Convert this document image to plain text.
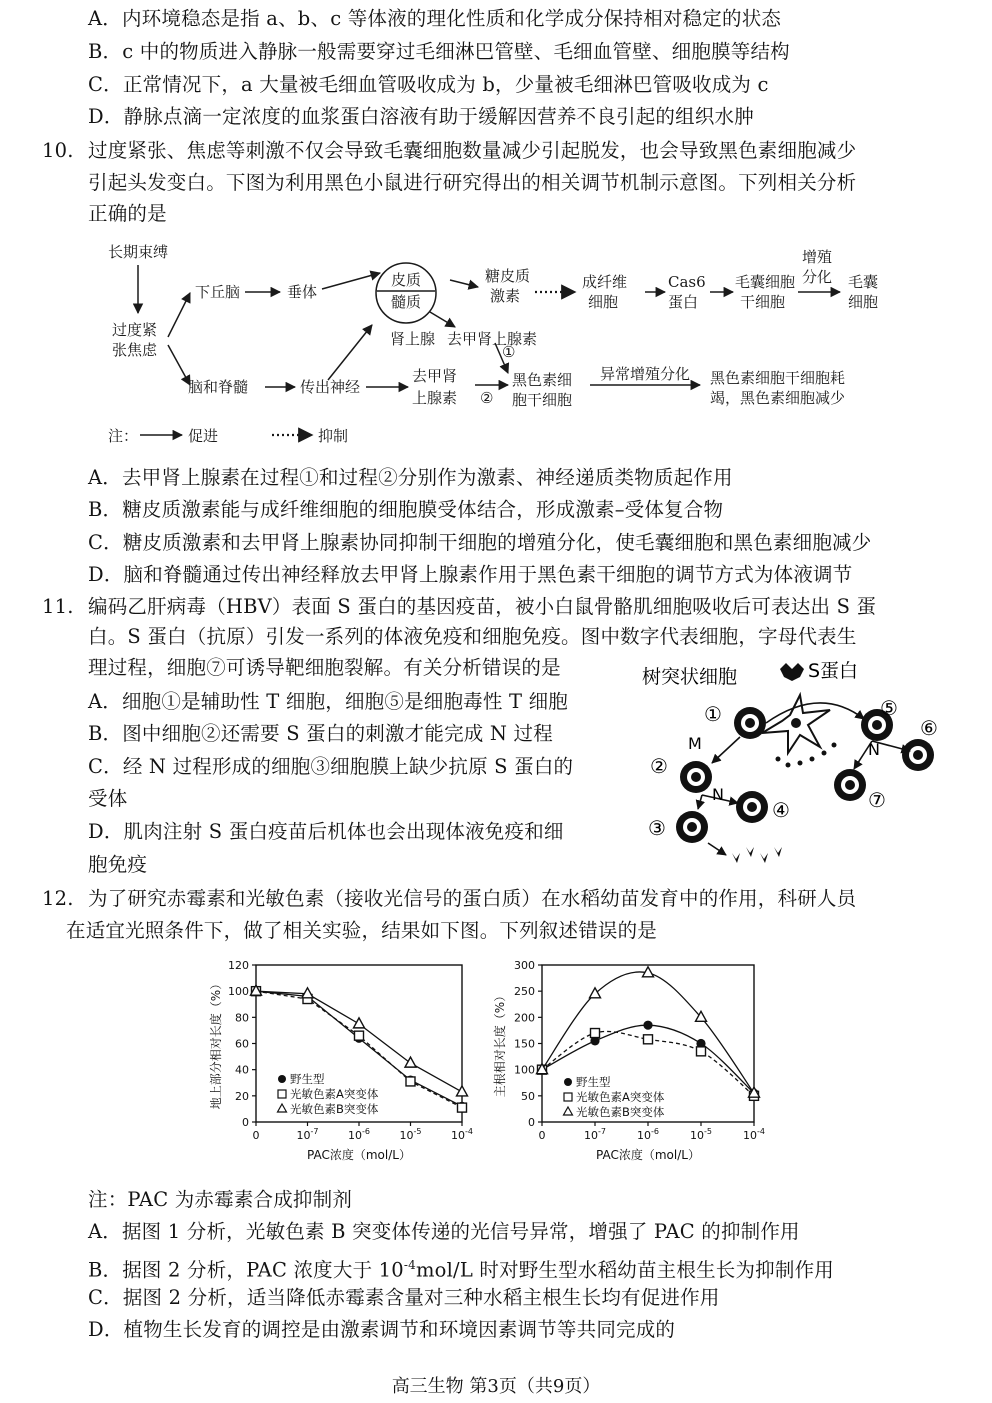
A．内环境稳态是指 a、b、c 等体液的理化性质和化学成分保持相对稳定的状态
B．c 中的物质进入静脉一般需要穿过毛细淋巴管壁、毛细血管壁、细胞膜等结构
C．正常情况下，a 大量被毛细血管吸收成为 b，少量被毛细淋巴管吸收成为 c
D．静脉点滴一定浓度的血浆蛋白溶液有助于缓解因营养不良引起的组织水肿
10. 过度紧张、焦虑等刺激不仅会导致毛囊细胞数量减少引起脱发，也会导致黑色素细胞减少
引起头发变白。下图为利用黑色小鼠进行研究得出的相关调节机制示意图。下列相关分析
正确的是
长期束缚
过度紧
张焦虑
下丘脑	垂体
皮质
髓质
肾上腺 去甲肾上腺素
①
糖皮质
激素
成纤维
细胞
Cas6
蛋白
毛囊细胞
干细胞
增殖
分化 毛囊
细胞
脑和脊髓	传出神经
去甲肾
上腺素 ②
黑色素细
胞干细胞
异常增殖分化 黑色素细胞干细胞耗
竭，黑色素细胞减少
注：	促进	抑制
A．去甲肾上腺素在过程①和过程②分别作为激素、神经递质类物质起作用
B．糖皮质激素能与成纤维细胞的细胞膜受体结合，形成激素–受体复合物
C．糖皮质激素和去甲肾上腺素协同抑制干细胞的增殖分化，使毛囊细胞和黑色素细胞减少
D．脑和脊髓通过传出神经释放去甲肾上腺素作用于黑色素干细胞的调节方式为体液调节
11. 编码乙肝病毒（HBV）表面 S 蛋白的基因疫苗，被小白鼠骨骼肌细胞吸收后可表达出 S 蛋
白。S 蛋白（抗原）引发一系列的体液免疫和细胞免疫。图中数字代表细胞，字母代表生
理过程，细胞⑦可诱导靶细胞裂解。有关分析错误的是
A．细胞①是辅助性 T 细胞，细胞⑤是细胞毒性 T 细胞
B．图中细胞②还需要 S 蛋白的刺激才能完成 N 过程
C．经 N 过程形成的细胞③细胞膜上缺少抗原 S 蛋白的
受体
D．肌肉注射 S 蛋白疫苗后机体也会出现体液免疫和细
胞免疫
树突状细胞	S蛋白
①	⑤
⑥
⑦
②
④
③
M
N
N
12. 为了研究赤霉素和光敏色素（接收光信号的蛋白质）在水稻幼苗发育中的作用，科研人员
在适宜光照条件下，做了相关实验，结果如下图。下列叙述错误的是
0
20
40
60
80
100
120
0	$10^{-7}$	$10^{-6}$	$10^{-5}$	$10^{-4}$
PAC浓度（mol/L）
地上部分相对长度（%）	野生型
光敏色素A突变体
光敏色素B突变体
0
50
100
150
200
250
300
0	$10^{-7}$	$10^{-6}$	$10^{-5}$	$10^{-4}$
PAC浓度（mol/L）
主根相对长度（%）	野生型
光敏色素A突变体
光敏色素B突变体
注：PAC 为赤霉素合成抑制剂
A．据图 1 分析，光敏色素 B 突变体传递的光信号异常，增强了 PAC 的抑制作用
B．据图 2 分析，PAC 浓度大于 $10^{-4}mol/L$ 时对野生型水稻幼苗主根生长为抑制作用
C．据图 2 分析，适当降低赤霉素含量对三种水稻主根生长均有促进作用
D．植物生长发育的调控是由激素调节和环境因素调节等共同完成的
高三生物 第3页（共9页）
